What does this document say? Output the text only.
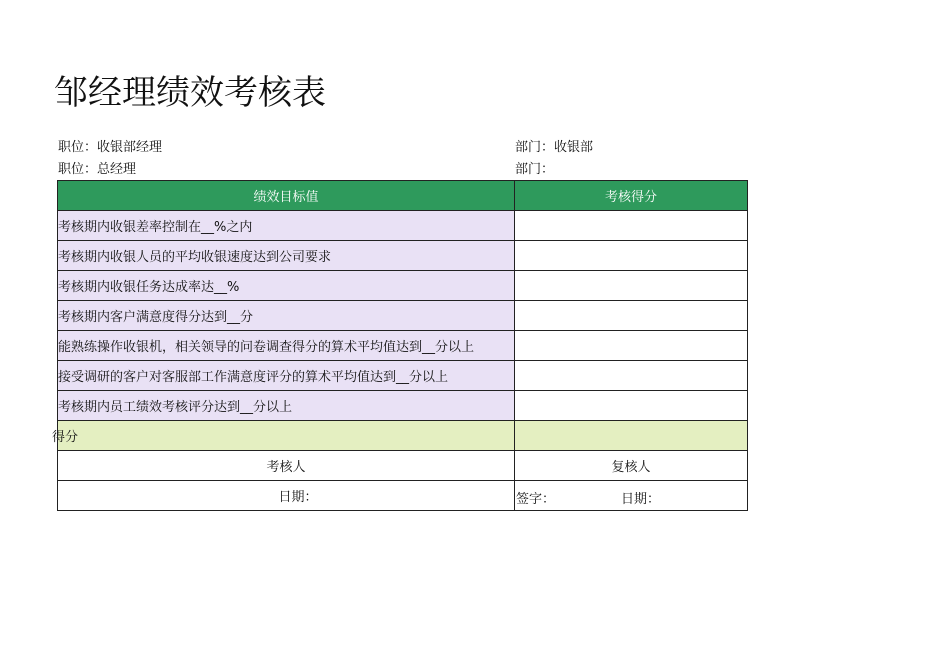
邹经理绩效考核表
职位：收银部经理	部门：收银部
职位：总经理	部门：
绩效目标值	考核得分
考核期内收银差率控制在__%之内	
考核期内收银人员的平均收银速度达到公司要求	
考核期内收银任务达成率达__%	
考核期内客户满意度得分达到__分	
能熟练操作收银机，相关领导的问卷调查得分的算术平均值达到__分以上	
接受调研的客户对客服部工作满意度评分的算术平均值达到__分以上	
考核期内员工绩效考核评分达到__分以上	
得分	
考核人	复核人
日期：	签字： 日期：
